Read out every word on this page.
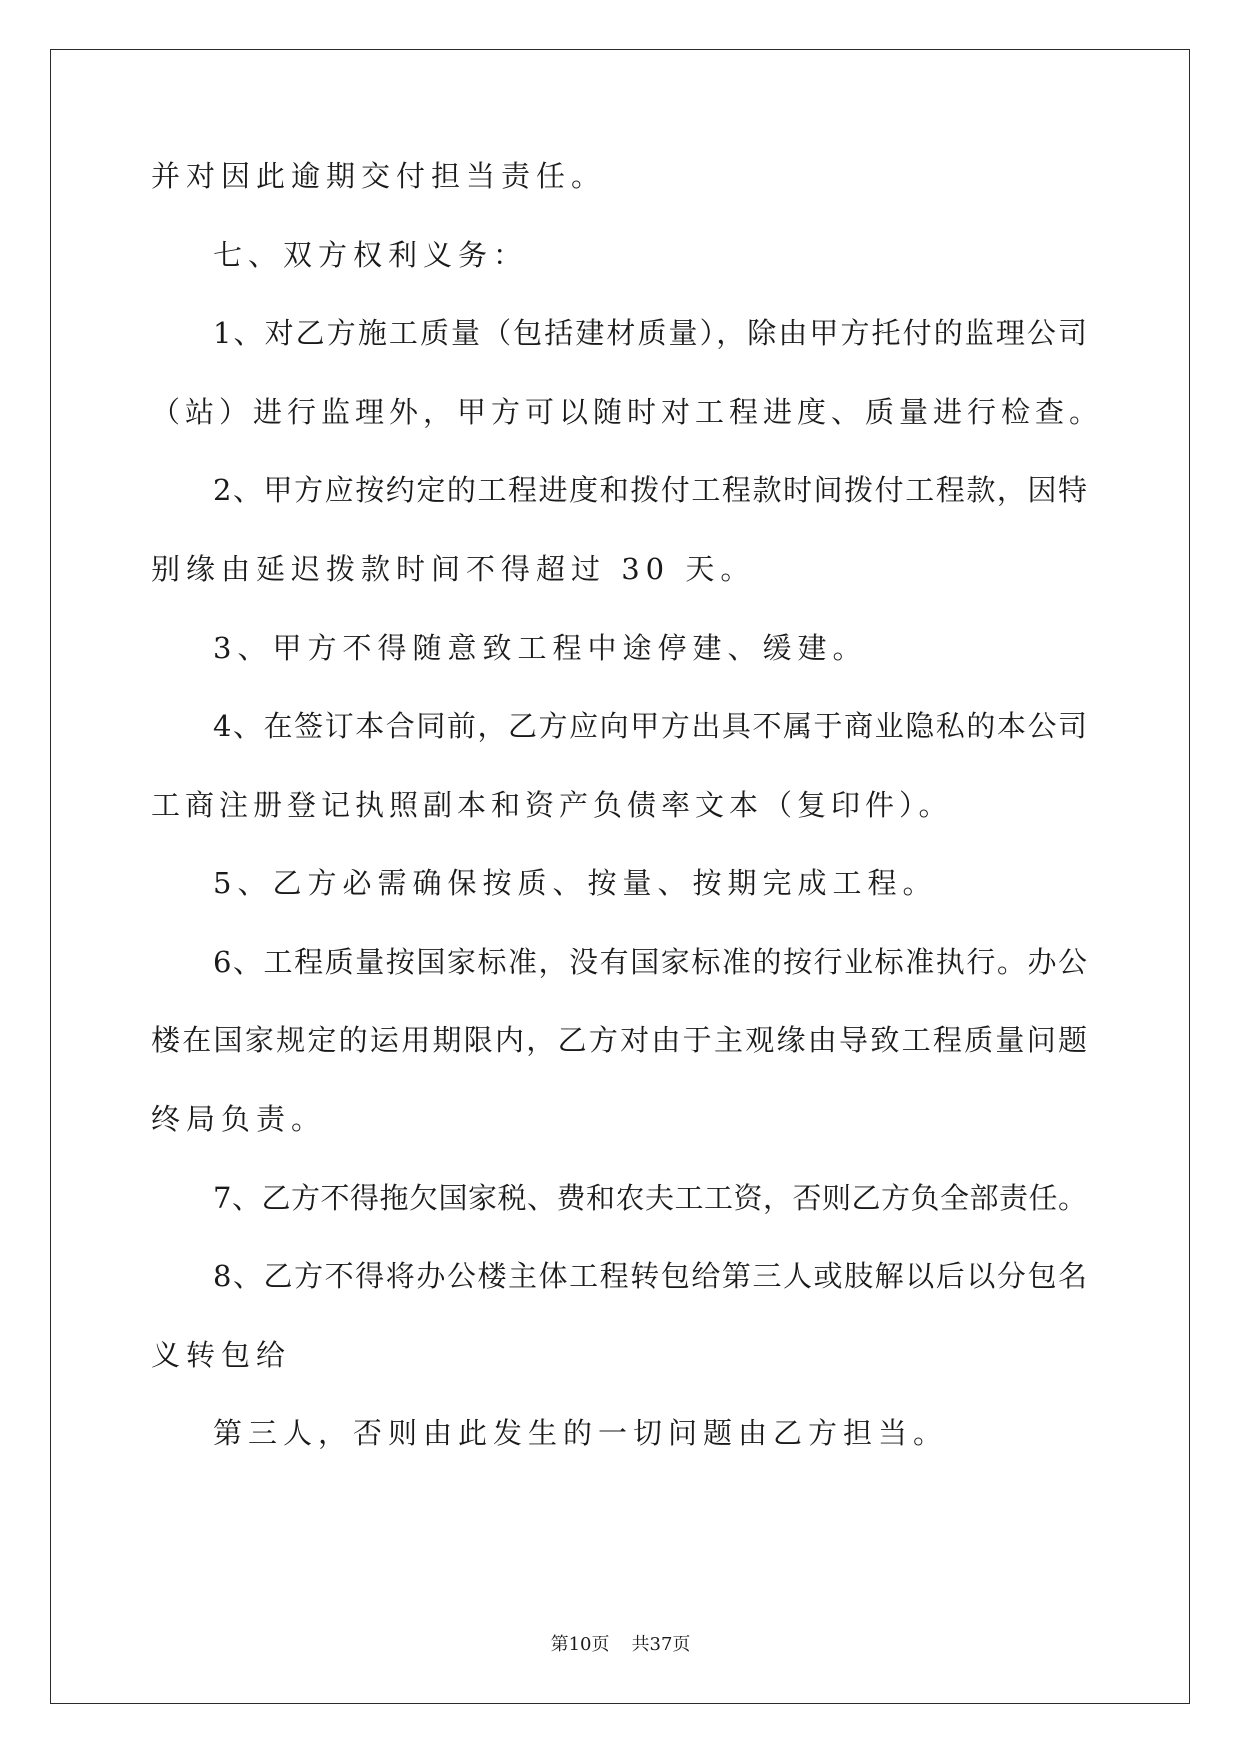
并对因此逾期交付担当责任。
七、双方权利义务：
1、对乙方施工质量（包括建材质量），除由甲方托付的监理公司
（站）进行监理外，甲方可以随时对工程进度、质量进行检查。
2、甲方应按约定的工程进度和拨付工程款时间拨付工程款，因特
别缘由延迟拨款时间不得超过 30 天。
3、甲方不得随意致工程中途停建、缓建。
4、在签订本合同前，乙方应向甲方出具不属于商业隐私的本公司
工商注册登记执照副本和资产负债率文本（复印件）。
5、乙方必需确保按质、按量、按期完成工程。
6、工程质量按国家标准，没有国家标准的按行业标准执行。办公
楼在国家规定的运用期限内，乙方对由于主观缘由导致工程质量问题
终局负责。
7、乙方不得拖欠国家税、费和农夫工工资，否则乙方负全部责任。
8、乙方不得将办公楼主体工程转包给第三人或肢解以后以分包名
义转包给
第三人，否则由此发生的一切问题由乙方担当。
第10页 共37页
